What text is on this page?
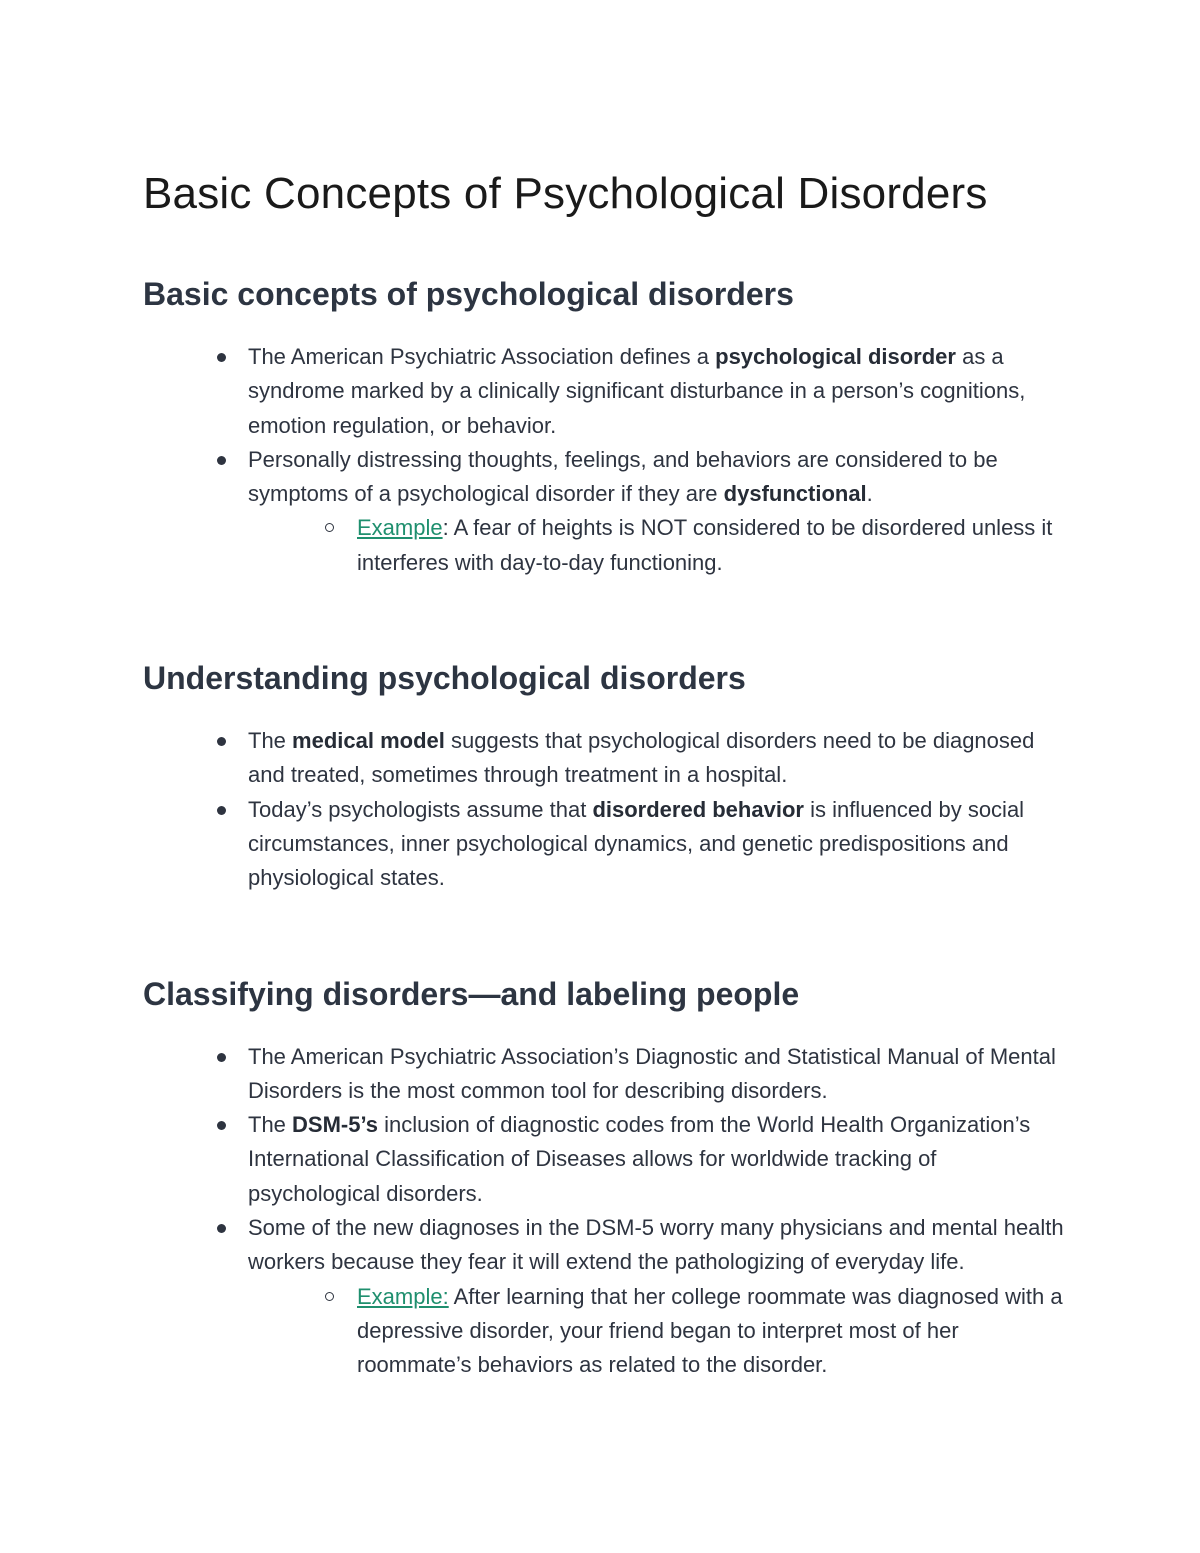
Basic Concepts of Psychological Disorders
Basic concepts of psychological disorders
The American Psychiatric Association defines a psychological disorder as a syndrome marked by a clinically significant disturbance in a person’s cognitions, emotion regulation, or behavior.
Personally distressing thoughts, feelings, and behaviors are considered to be symptoms of a psychological disorder if they are dysfunctional.
Example: A fear of heights is NOT considered to be disordered unless it interferes with day-to-day functioning.
Understanding psychological disorders
The medical model suggests that psychological disorders need to be diagnosed and treated, sometimes through treatment in a hospital.
Today’s psychologists assume that disordered behavior is influenced by social circumstances, inner psychological dynamics, and genetic predispositions and physiological states.
Classifying disorders—and labeling people
The American Psychiatric Association’s Diagnostic and Statistical Manual of Mental Disorders is the most common tool for describing disorders.
The DSM-5’s inclusion of diagnostic codes from the World Health Organization’s International Classification of Diseases allows for worldwide tracking of psychological disorders.
Some of the new diagnoses in the DSM-5 worry many physicians and mental health workers because they fear it will extend the pathologizing of everyday life.
Example: After learning that her college roommate was diagnosed with a depressive disorder, your friend began to interpret most of her roommate’s behaviors as related to the disorder.
